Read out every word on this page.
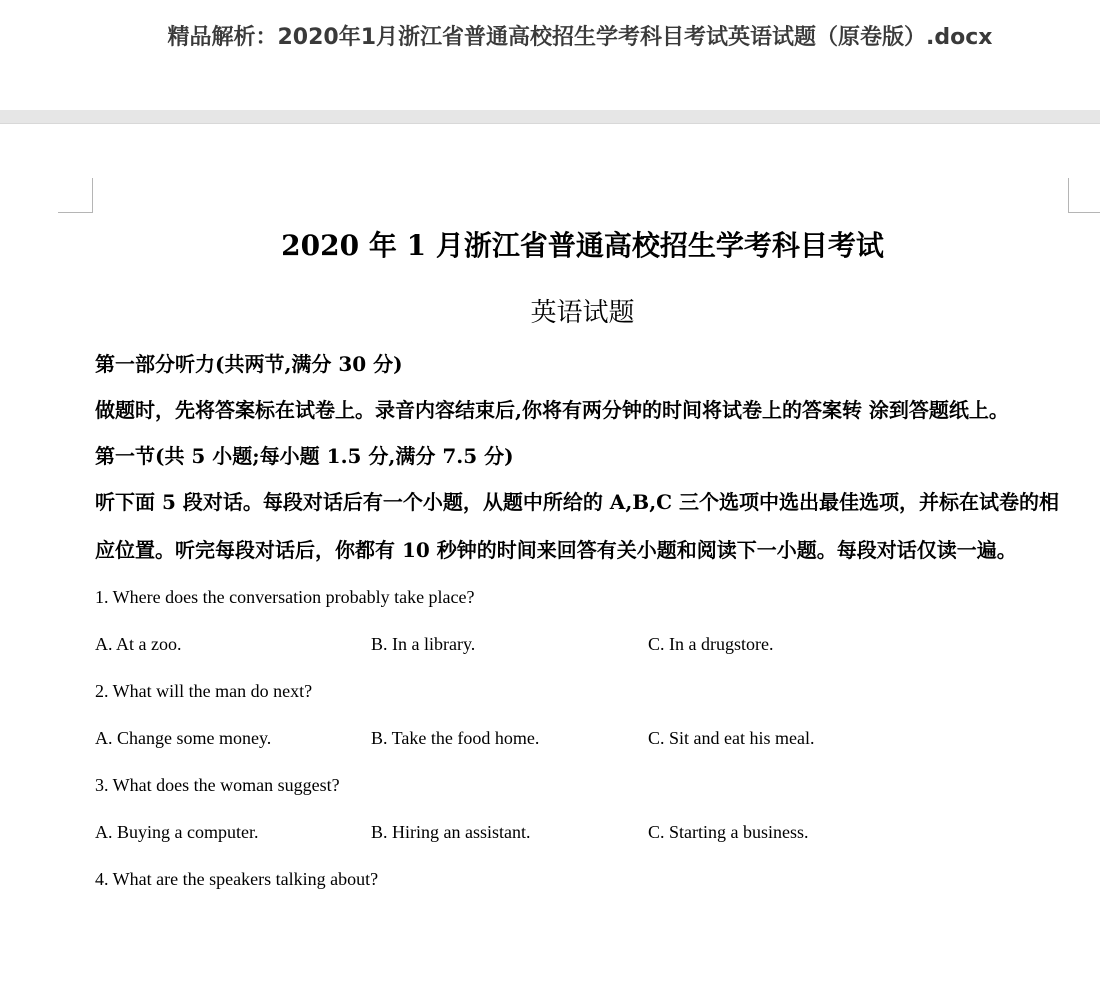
精品解析：2020年1月浙江省普通高校招生学考科目考试英语试题（原卷版）.docx
2020 年 1 月浙江省普通高校招生学考科目考试
英语试题
第一部分听力(共两节,满分 30 分)

做题时，先将答案标在试卷上。录音内容结束后,你将有两分钟的时间将试卷上的答案转 涂到答题纸上。

第一节(共 5 小题;每小题 1.5 分,满分 7.5 分)

听下面 5 段对话。每段对话后有一个小题，从题中所给的 A,B,C 三个选项中选出最佳选项，并标在试卷的相应位置。听完每段对话后，你都有 10 秒钟的时间来回答有关小题和阅读下一小题。每段对话仅读一遍。

1. Where does the conversation probably take place?
A. At a zoo.	B. In a library.	C. In a drugstore.
2. What will the man do next?
A. Change some money.	B. Take the food home.	C. Sit and eat his meal.
3. What does the woman suggest?
A. Buying a computer.	B. Hiring an assistant.	C. Starting a business.
4. What are the speakers talking about?
